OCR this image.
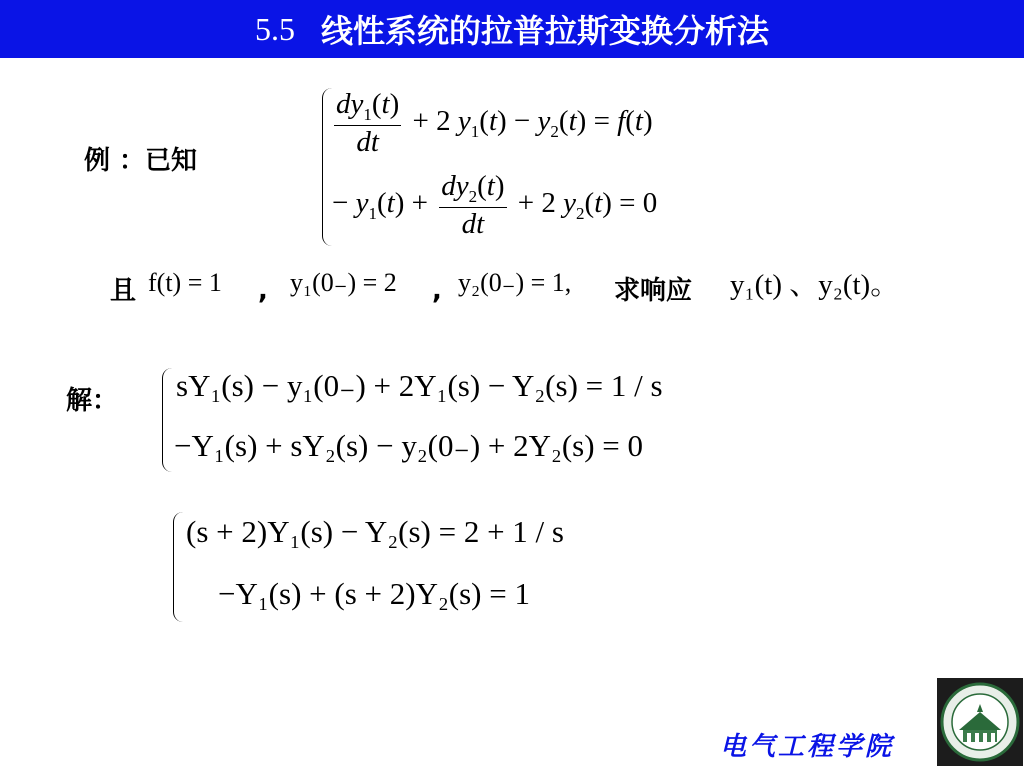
5.5 线性系统的拉普拉斯变换分析法
例 ：已知
$\frac{dy_1(t)}{dt} + 2$ $y_1(t) - y_2(t) = f(t)$
− $y_1(t) + \frac{dy_2(t)}{dt} + 2$ $y_2(t) = 0$
且 f(t) = 1 , y₁(0₋) = 2 , y₂(0₋) = 1, 求响应 y₁(t) 、y₂(t)。
解： sY₁(s) − y₁(0₋) + 2Y₁(s) − Y₂(s) = 1 / s
−Y₁(s) + sY₂(s) − y₂(0₋) + 2Y₂(s) = 0
(s + 2)Y₁(s) − Y₂(s) = 2 + 1 / s
−Y₁(s) + (s + 2)Y₂(s) = 1
电气工程学院
